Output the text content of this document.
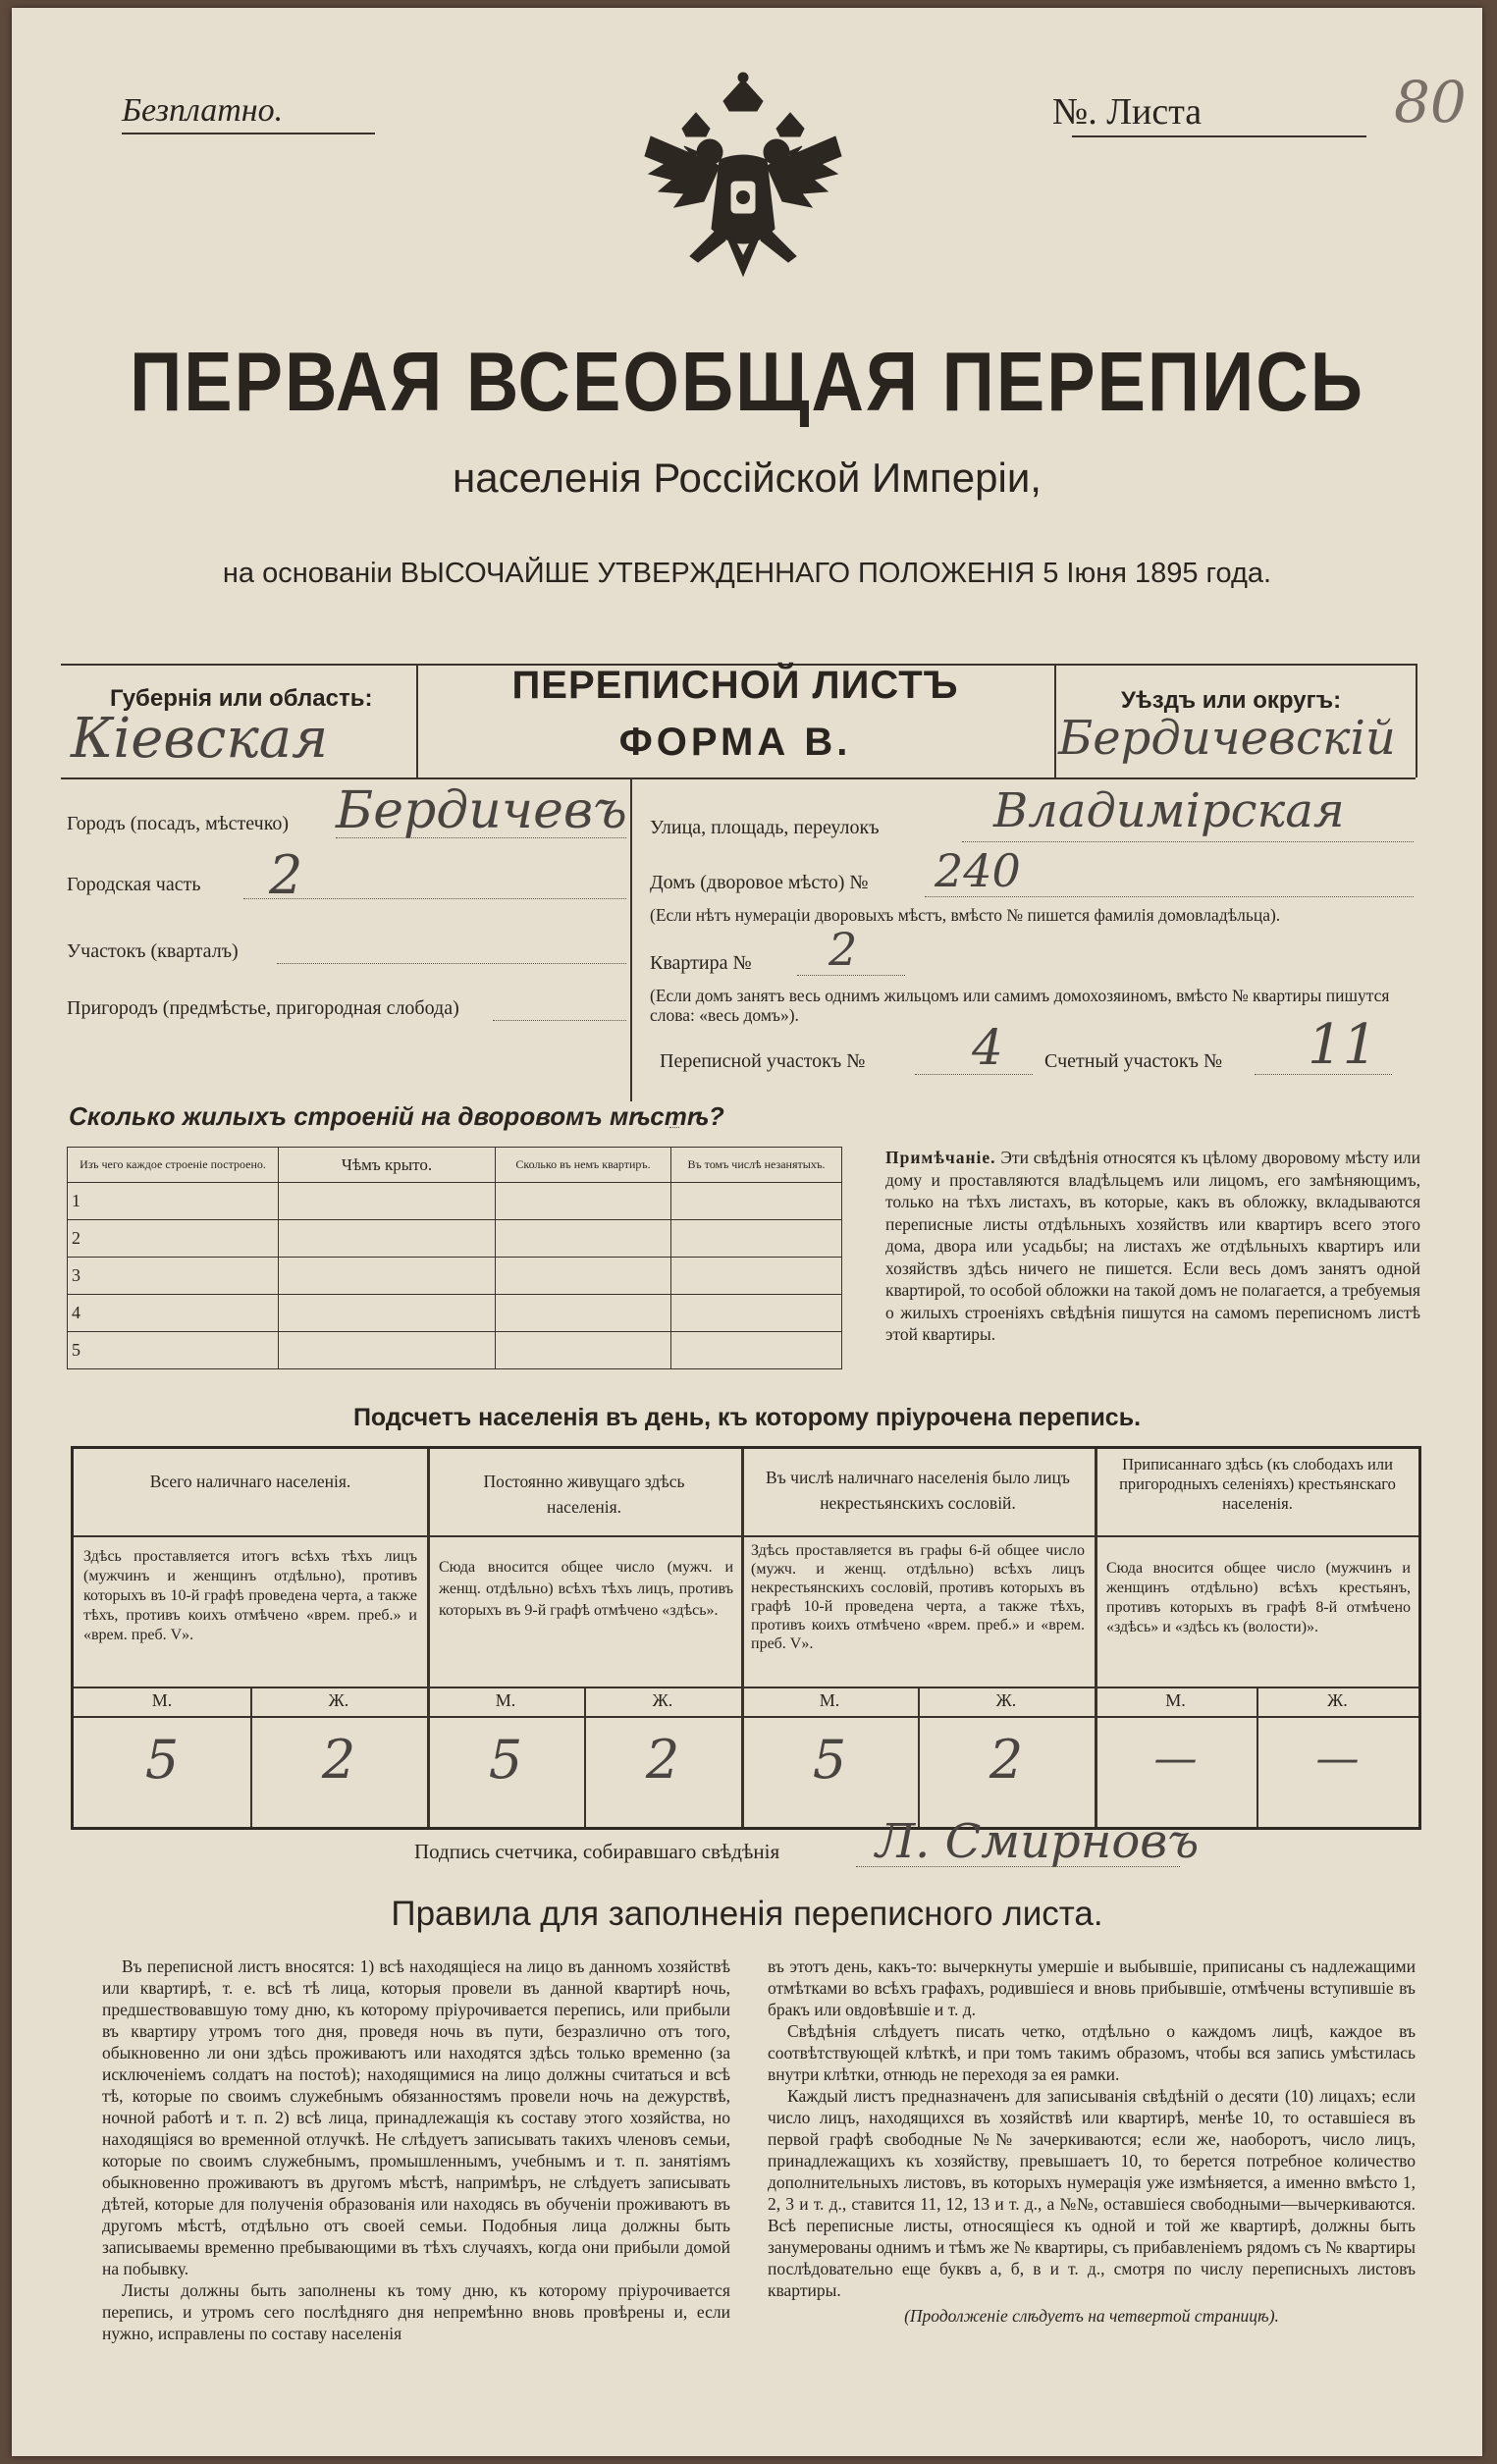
Безплатно.	№. Листа	80
ПЕРВАЯ ВСЕОБЩАЯ ПЕРЕПИСЬ
населенія Россійской Имперіи,
на основаніи ВЫСОЧАЙШЕ УТВЕРЖДЕННАГО ПОЛОЖЕНІЯ 5 Іюня 1895 года.
Губернія или область:
Кіевская
ПЕРЕПИСНОЙ ЛИСТЪ
ФОРМА В.
Уѣздъ или округъ:
Бердичевскiй
Городъ (посадъ, мѣстечко) Бердичевъ
Городская часть 2
Участокъ (кварталъ)
Пригородъ (предмѣстье, пригородная слобода)
Улица, площадь, переулокъ Владимiрская
Домъ (дворовое мѣсто) № 240
(Если нѣтъ нумераціи дворовыхъ мѣстъ, вмѣсто № пишется фамилія домовладѣльца).
Квартира № 2
(Если домъ занятъ весь однимъ жильцомъ или самимъ домохозяиномъ, вмѣсто № квартиры пишутся слова: «весь домъ»).
Переписной участокъ № 4 Счетный участокъ № 11
Сколько жилыхъ строеній на дворовомъ мѣстѣ?
Изъ чего каждое строеніе построено.	Чѣмъ крыто.	Сколько въ немъ квартиръ.	Въ томъ числѣ незанятыхъ.
1			
2			
3			
4			
5			
Примѣчаніе. Эти свѣдѣнія относятся къ цѣлому дворовому мѣсту или дому и проставляются владѣльцемъ или лицомъ, его замѣняющимъ, только на тѣхъ листахъ, въ которые, какъ въ обложку, вкладываются переписные листы отдѣльныхъ хозяйствъ или квартиръ всего этого дома, двора или усадьбы; на листахъ же отдѣльныхъ квартиръ или хозяйствъ здѣсь ничего не пишется. Если весь домъ занятъ одной квартирой, то особой обложки на такой домъ не полагается, а требуемыя о жилыхъ строеніяхъ свѣдѣнія пишутся на самомъ переписномъ листѣ этой квартиры.
Подсчетъ населенія въ день, къ которому пріурочена перепись.
Всего наличнаго населенія.
Здѣсь проставляется итогъ всѣхъ тѣхъ лицъ (мужчинъ и женщинъ отдѣльно), противъ которыхъ въ 10-й графѣ проведена черта, а также тѣхъ, противъ коихъ отмѣчено «врем. преб.» и «врем. преб. V».
М.	Ж.
5	2
Постоянно живущаго здѣсь населенія.
Сюда вносится общее число (мужч. и женщ. отдѣльно) всѣхъ тѣхъ лицъ, противъ которыхъ въ 9-й графѣ отмѣчено «здѣсь».
М.	Ж.
5	2
Въ числѣ наличнаго населенія было лицъ некрестьянскихъ сословій.
Здѣсь проставляется въ графы 6-й общее число (мужч. и женщ. отдѣльно) всѣхъ лицъ некрестьянскихъ сословій, противъ которыхъ въ графѣ 10-й проведена черта, а также тѣхъ, противъ коихъ отмѣчено «врем. преб.» и «врем. преб. V».
М.	Ж.
5	2
Приписаннаго здѣсь (къ слободахъ или пригородныхъ селеніяхъ) крестьянскаго населенія.
Сюда вносится общее число (мужчинъ и женщинъ отдѣльно) всѣхъ крестьянъ, противъ которыхъ въ графѣ 8-й отмѣчено «здѣсь» и «здѣсь къ (волости)».
М.	Ж.
—	—
Подпись счетчика, собиравшаго свѣдѣнія Л. Смирновъ
Правила для заполненія переписного листа.

Въ переписной листъ вносятся: 1) всѣ находящіеся на лицо въ данномъ хозяйствѣ или квартирѣ, т. е. всѣ тѣ лица, которыя провели въ данной квартирѣ ночь, предшествовавшую тому дню, къ которому пріурочивается перепись, или прибыли въ квартиру утромъ того дня, проведя ночь въ пути, безразлично отъ того, обыкновенно ли они здѣсь проживаютъ или находятся здѣсь только временно (за исключеніемъ солдатъ на постоѣ); находящимися на лицо должны считаться и всѣ тѣ, которые по своимъ служебнымъ обязанностямъ провели ночь на дежурствѣ, ночной работѣ и т. п. 2) всѣ лица, принадлежащія къ составу этого хозяйства, но находящіяся во временной отлучкѣ. Не слѣдуетъ записывать такихъ членовъ семьи, которые по своимъ служебнымъ, промышленнымъ, учебнымъ и т. п. занятіямъ обыкновенно проживаютъ въ другомъ мѣстѣ, напримѣръ, не слѣдуетъ записывать дѣтей, которые для полученія образованія или находясь въ обученіи проживаютъ въ другомъ мѣстѣ, отдѣльно отъ своей семьи. Подобныя лица должны быть записываемы временно пребывающими въ тѣхъ случаяхъ, когда они прибыли домой на побывку.

Листы должны быть заполнены къ тому дню, къ которому пріурочивается перепись, и утромъ сего послѣдняго дня непремѣнно вновь провѣрены и, если нужно, исправлены по составу населенія

въ этотъ день, какъ-то: вычеркнуты умершіе и выбывшіе, приписаны съ надлежащими отмѣтками во всѣхъ графахъ, родившіеся и вновь прибывшіе, отмѣчены вступившіе въ бракъ или овдовѣвшіе и т. д.

Свѣдѣнія слѣдуетъ писать четко, отдѣльно о каждомъ лицѣ, каждое въ соотвѣтствующей клѣткѣ, и при томъ такимъ образомъ, чтобы вся запись умѣстилась внутри клѣтки, отнюдь не переходя за ея рамки.

Каждый листъ предназначенъ для записыванія свѣдѣній о десяти (10) лицахъ; если число лицъ, находящихся въ хозяйствѣ или квартирѣ, менѣе 10, то оставшіеся въ первой графѣ свободные №№ зачеркиваются; если же, наоборотъ, число лицъ, принадлежащихъ къ хозяйству, превышаетъ 10, то берется потребное количество дополнительныхъ листовъ, въ которыхъ нумерація уже измѣняется, а именно вмѣсто 1, 2, 3 и т. д., ставится 11, 12, 13 и т. д., а №№, оставшіеся свободными—вычеркиваются. Всѣ переписные листы, относящіеся къ одной и той же квартирѣ, должны быть занумерованы однимъ и тѣмъ же № квартиры, съ прибавленіемъ рядомъ съ № квартиры послѣдовательно еще буквъ а, б, в и т. д., смотря по числу переписныхъ листовъ квартиры.

(Продолженіе слѣдуетъ на четвертой страницѣ).
